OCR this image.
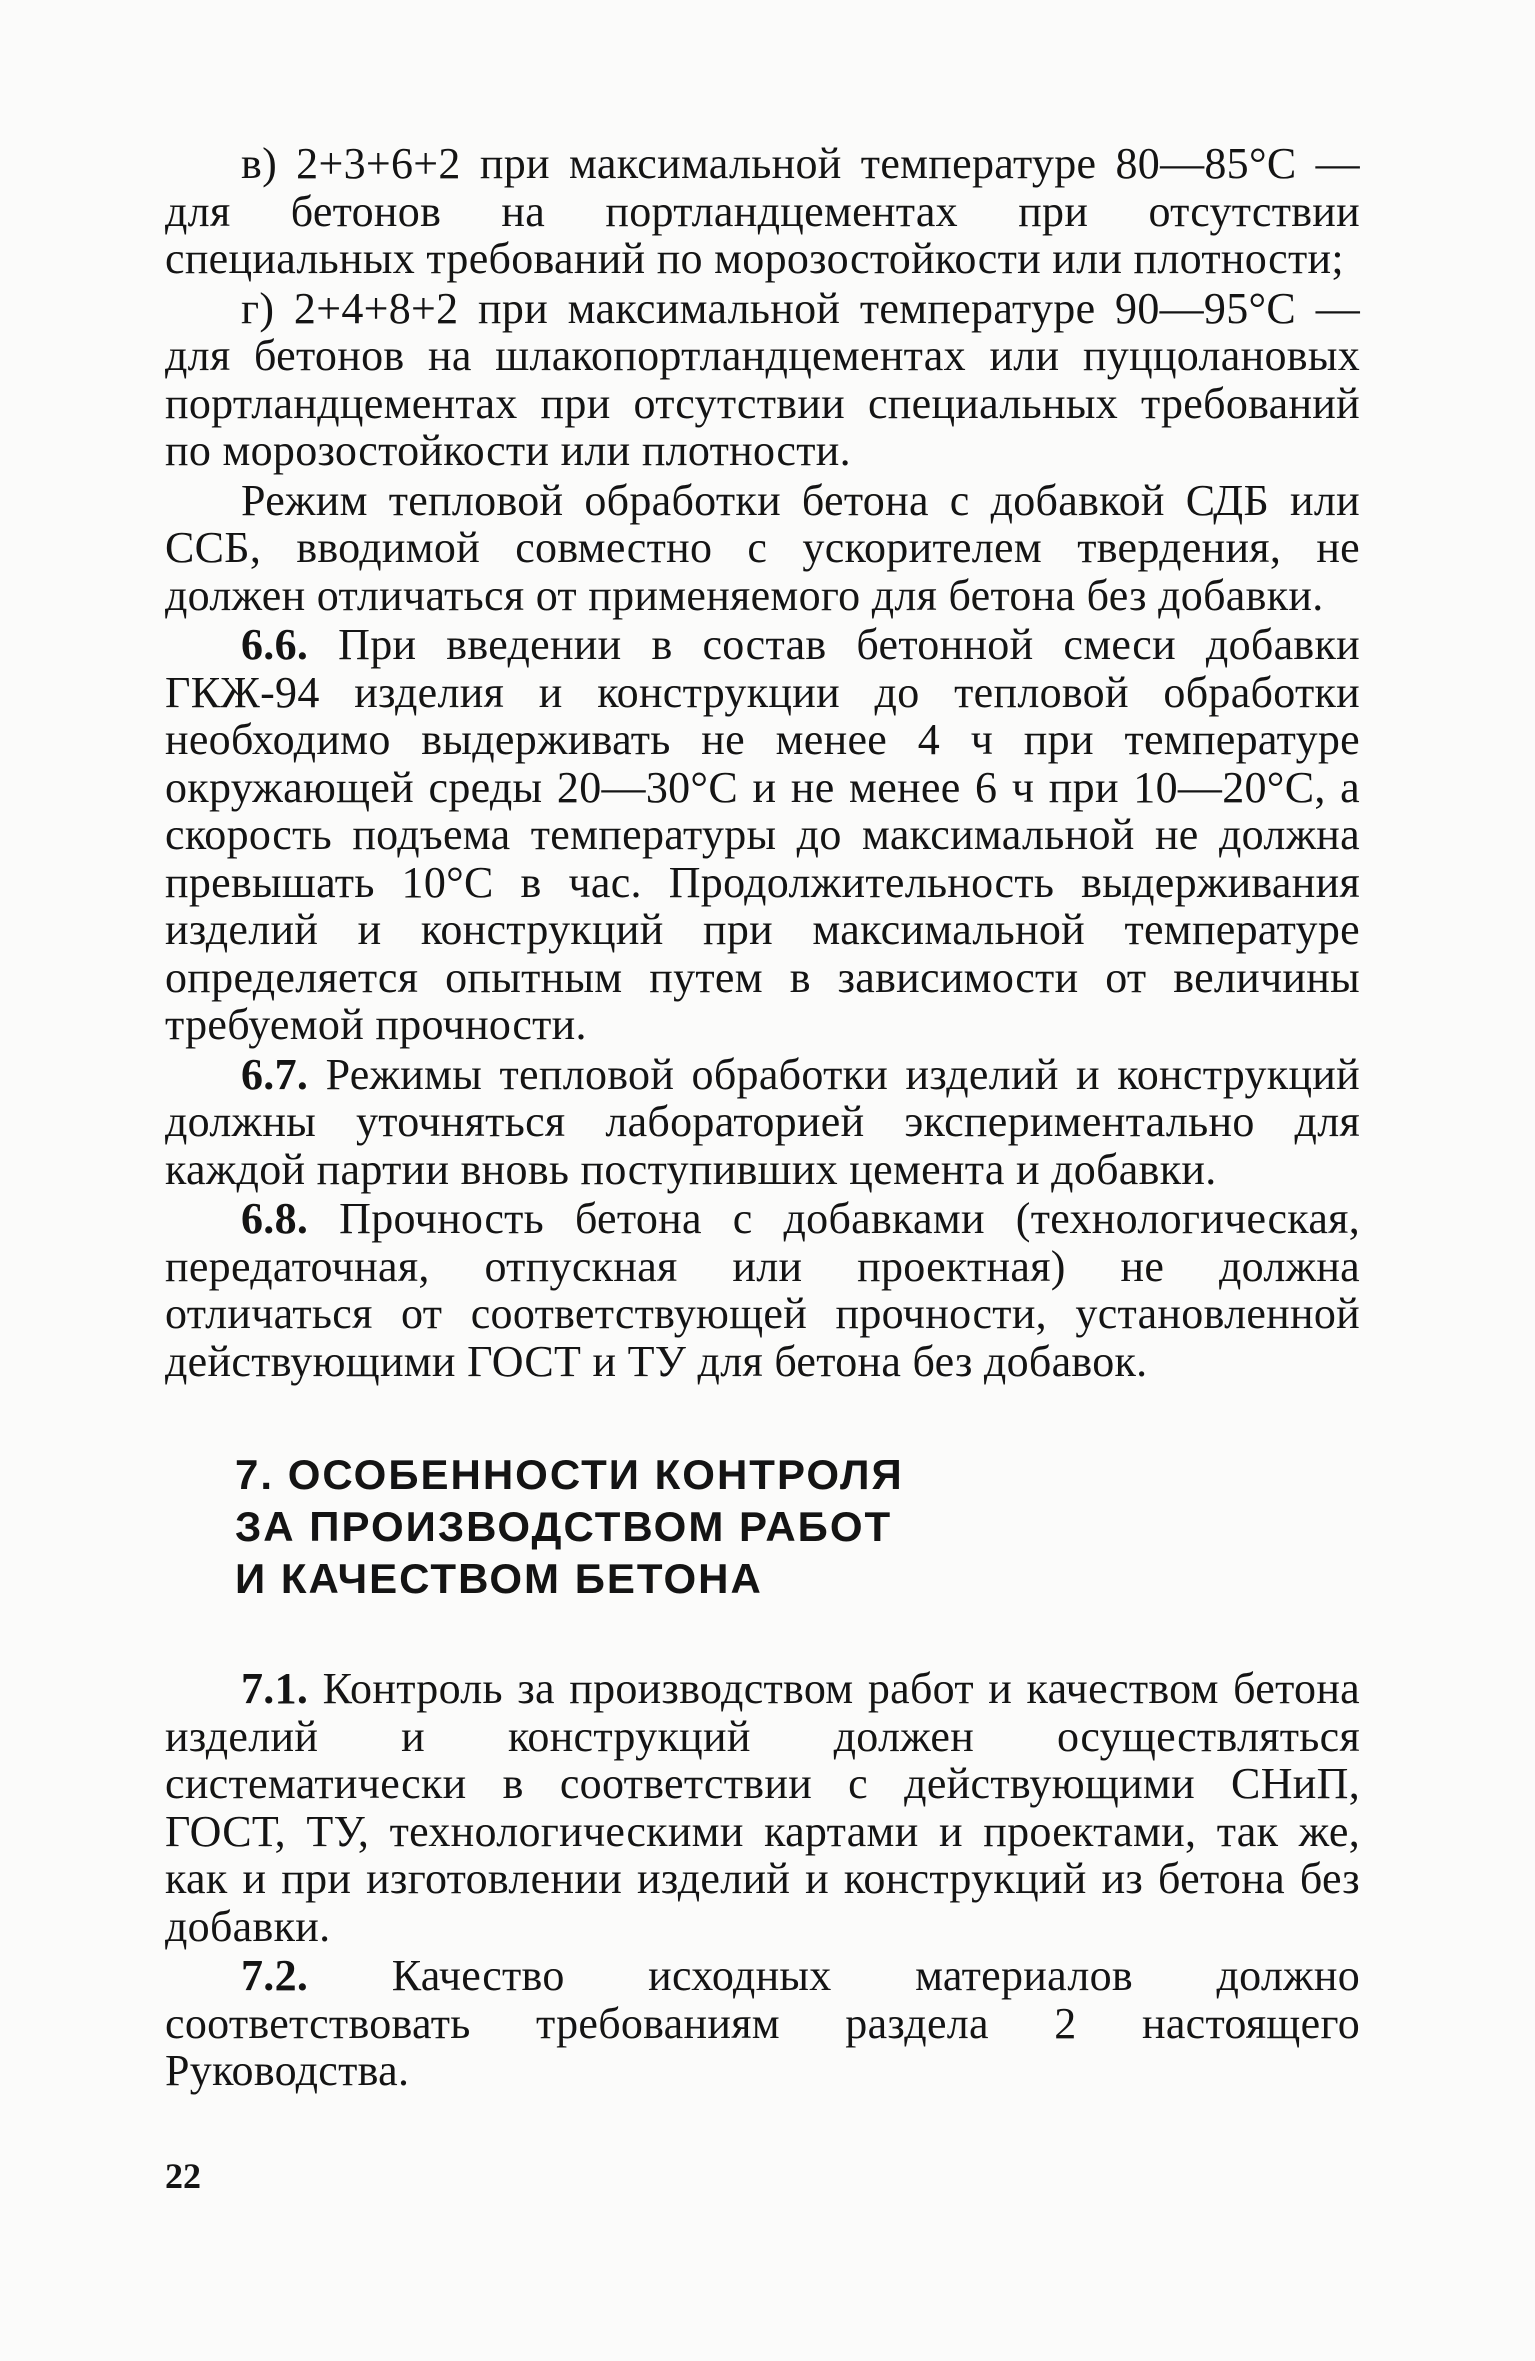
в) 2+3+6+2 при максимальной температуре 80—85°С — для бетонов на портландцементах при отсутствии специальных требований по морозостойкости или плотности;

г) 2+4+8+2 при максимальной температуре 90—95°С — для бетонов на шлакопортландцементах или пуццолановых портландцементах при отсутствии специальных требований по морозостойкости или плотности.

Режим тепловой обработки бетона с добавкой СДБ или ССБ, вводимой совместно с ускорителем твердения, не должен отличаться от применяемого для бетона без добавки.

6.6. При введении в состав бетонной смеси добавки ГКЖ-94 изделия и конструкции до тепловой обработки необходимо выдерживать не менее 4 ч при температуре окружающей среды 20—30°С и не менее 6 ч при 10—20°С, а скорость подъема температуры до максимальной не должна превышать 10°С в час. Продолжительность выдерживания изделий и конструкций при максимальной температуре определяется опытным путем в зависимости от величины требуемой прочности.

6.7. Режимы тепловой обработки изделий и конструкций должны уточняться лабораторией экспериментально для каждой партии вновь поступивших цемента и добавки.

6.8. Прочность бетона с добавками (технологическая, передаточная, отпускная или проектная) не должна отличаться от соответствующей прочности, установленной действующими ГОСТ и ТУ для бетона без добавок.

7. ОСОБЕННОСТИ КОНТРОЛЯ
ЗА ПРОИЗВОДСТВОМ РАБОТ
И КАЧЕСТВОМ БЕТОНА

7.1. Контроль за производством работ и качеством бетона изделий и конструкций должен осуществляться систематически в соответствии с действующими СНиП, ГОСТ, ТУ, технологическими картами и проектами, так же, как и при изготовлении изделий и конструкций из бетона без добавки.

7.2. Качество исходных материалов должно соответствовать требованиям раздела 2 настоящего Руководства.

22
